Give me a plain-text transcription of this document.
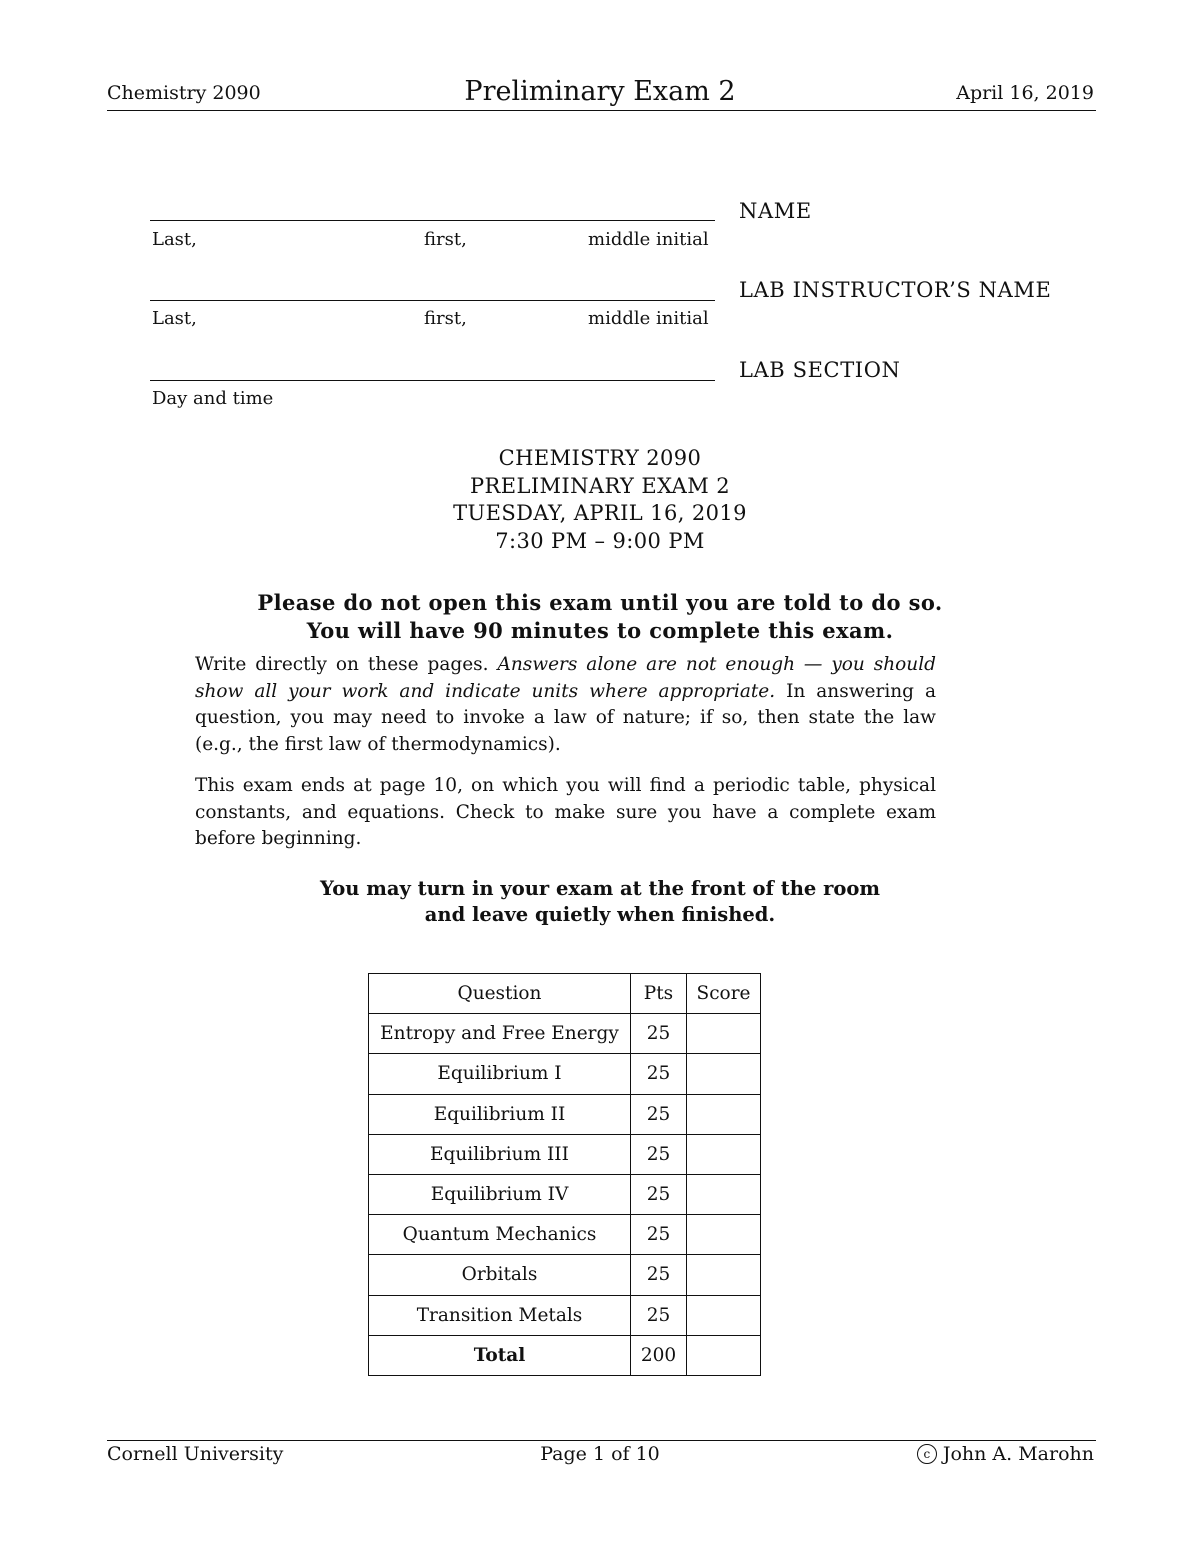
Chemistry 2090	Preliminary Exam 2	April 16, 2019
Last,	first,	middle initial
NAME
Last,	first,	middle initial
LAB INSTRUCTOR’S NAME
Day and time
LAB SECTION
CHEMISTRY 2090
PRELIMINARY EXAM 2
TUESDAY, APRIL 16, 2019
7:30 PM – 9:00 PM
Please do not open this exam until you are told to do so.
You will have 90 minutes to complete this exam.
Write directly on these pages. Answers alone are not enough — you should show all your work and indicate units where appropriate. In answering a question, you may need to invoke a law of nature; if so, then state the law (e.g., the first law of thermodynamics).
This exam ends at page 10, on which you will find a periodic table, physical constants, and equations. Check to make sure you have a complete exam before beginning.
You may turn in your exam at the front of the room
and leave quietly when finished.
Question	Pts	Score
Entropy and Free Energy	25	
Equilibrium I	25	
Equilibrium II	25	
Equilibrium III	25	
Equilibrium IV	25	
Quantum Mechanics	25	
Orbitals	25	
Transition Metals	25	
Total	200	
Cornell University	Page 1 of 10	c John A. Marohn
